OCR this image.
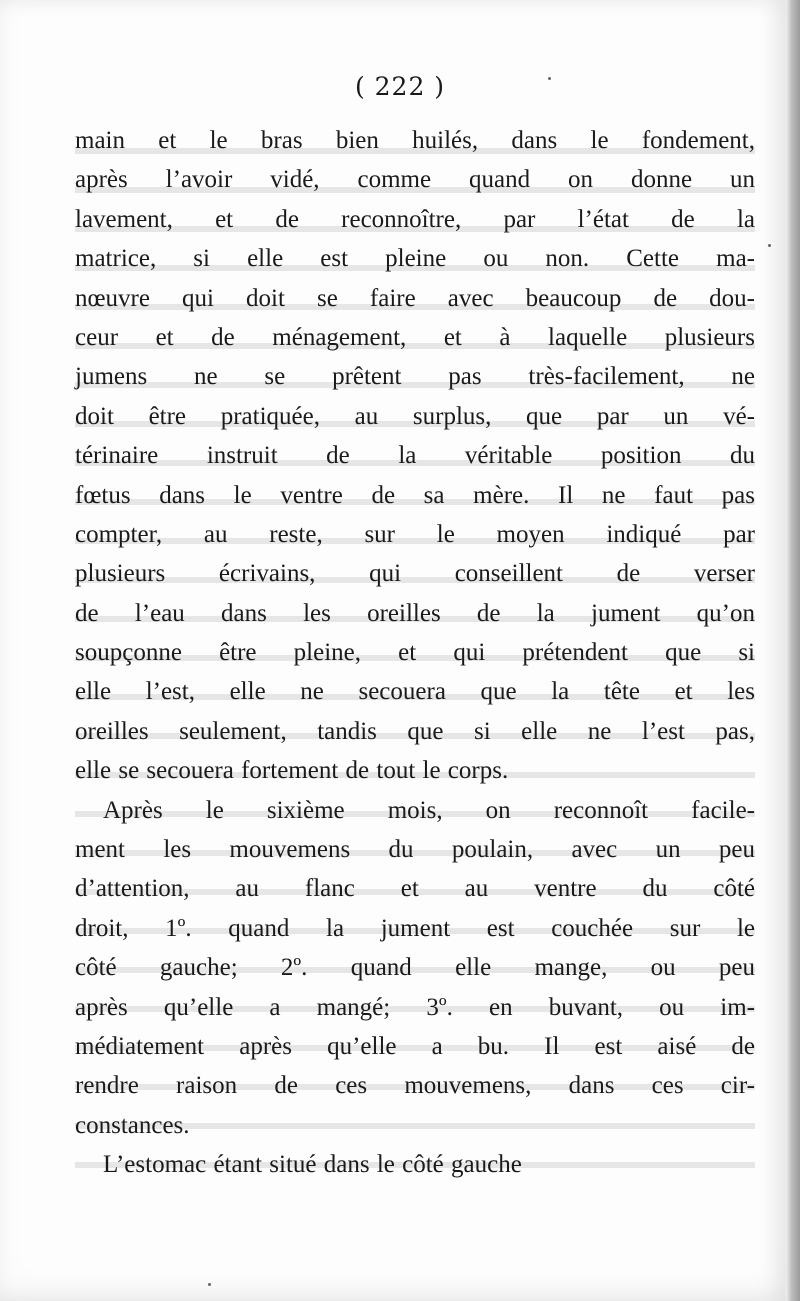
( 222 )
main et le bras bien huilés, dans le fondement,
après l’avoir vidé, comme quand on donne un
lavement, et de reconnoître, par l’état de la
matrice, si elle est pleine ou non. Cette ma-
nœuvre qui doit se faire avec beaucoup de dou-
ceur et de ménagement, et à laquelle plusieurs
jumens ne se prêtent pas très-facilement, ne
doit être pratiquée, au surplus, que par un vé-
térinaire instruit de la véritable position du
fœtus dans le ventre de sa mère. Il ne faut pas
compter, au reste, sur le moyen indiqué par
plusieurs écrivains, qui conseillent de verser
de l’eau dans les oreilles de la jument qu’on
soupçonne être pleine, et qui prétendent que si
elle l’est, elle ne secouera que la tête et les
oreilles seulement, tandis que si elle ne l’est pas,
elle se secouera fortement de tout le corps.
Après le sixième mois, on reconnoît facile-
ment les mouvemens du poulain, avec un peu
d’attention, au flanc et au ventre du côté
droit, 1º. quand la jument est couchée sur le
côté gauche; 2º. quand elle mange, ou peu
après qu’elle a mangé; 3º. en buvant, ou im-
médiatement après qu’elle a bu. Il est aisé de
rendre raison de ces mouvemens, dans ces cir-
constances.
L’estomac étant situé dans le côté gauche
